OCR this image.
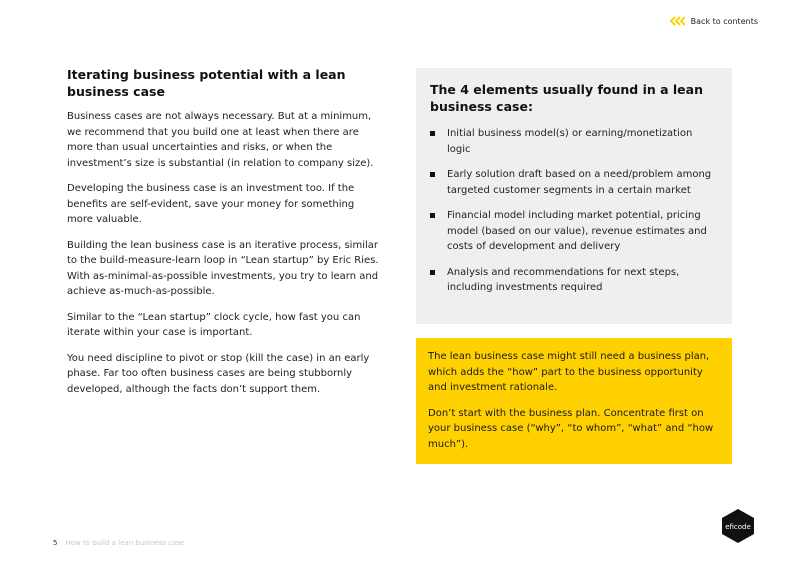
Back to contents
Iterating business potential with a lean business case

Business cases are not always necessary. But at a minimum, we recommend that you build one at least when there are more than usual uncertainties and risks, or when the investment’s size is substantial (in relation to company size).

Developing the business case is an investment too. If the benefits are self-evident, save your money for something more valuable.

Building the lean business case is an iterative process, similar to the build-measure-learn loop in “Lean startup” by Eric Ries. With as-minimal-as-possible investments, you try to learn and achieve as-much-as-possible.

Similar to the “Lean startup” clock cycle, how fast you can iterate within your case is important.

You need discipline to pivot or stop (kill the case) in an early phase. Far too often business cases are being stubbornly developed, although the facts don’t support them.

The 4 elements usually found in a lean business case:
Initial business model(s) or earning/monetization logic
Early solution draft based on a need/problem among targeted customer segments in a certain market
Financial model including market potential, pricing model (based on our value), revenue estimates and costs of development and delivery
Analysis and recommendations for next steps, including investments required

The lean business case might still need a business plan, which adds the “how” part to the business opportunity and investment rationale.

Don’t start with the business plan. Concentrate first on your business case (“why”, “to whom”, “what” and “how much”).

5 How to build a lean business case
eficode
